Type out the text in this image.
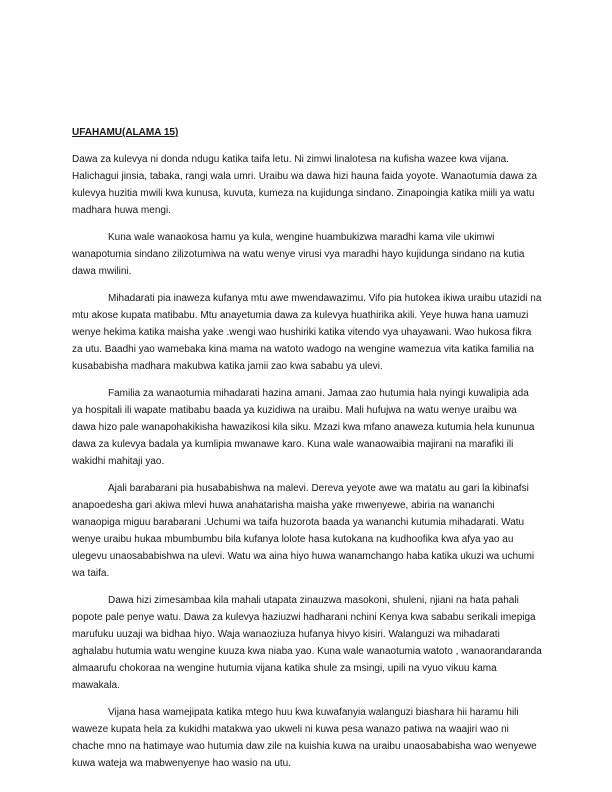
UFAHAMU(ALAMA 15)

Dawa za kulevya ni donda ndugu katika taifa letu. Ni zimwi linalotesa na kufisha wazee kwa vijana. Halichagui jinsia, tabaka, rangi wala umri. Uraibu wa dawa hizi hauna faida yoyote. Wanaotumia dawa za kulevya huzitia mwili kwa kunusa, kuvuta, kumeza na kujidunga sindano. Zinapoingia katika miili ya watu madhara huwa mengi.

Kuna wale wanaokosa hamu ya kula, wengine huambukizwa maradhi kama vile ukimwi wanapotumia sindano zilizotumiwa na watu wenye virusi vya maradhi hayo kujidunga sindano na kutia dawa mwilini.

Mihadarati pia inaweza kufanya mtu awe mwendawazimu. Vifo pia hutokea ikiwa uraibu utazidi na mtu akose kupata matibabu. Mtu anayetumia dawa za kulevya huathirika akili. Yeye huwa hana uamuzi wenye hekima katika maisha yake .wengi wao hushiriki katika vitendo vya uhayawani. Wao hukosa fikra za utu. Baadhi yao wamebaka kina mama na watoto wadogo na wengine wamezua vita katika familia na kusababisha madhara makubwa katika jamii zao kwa sababu ya ulevi.

Familia za wanaotumia mihadarati hazina amani. Jamaa zao hutumia hala nyingi kuwalipia ada ya hospitali ili wapate matibabu baada ya kuzidiwa na uraibu. Mali hufujwa na watu wenye uraibu wa dawa hizo pale wanapohakikisha hawazikosi kila siku. Mzazi kwa mfano anaweza kutumia hela kununua dawa za kulevya badala ya kumlipia mwanawe karo. Kuna wale wanaowaibia majirani na marafiki ili wakidhi mahitaji yao.

Ajali barabarani pia husababishwa na malevi. Dereva yeyote awe wa matatu au gari la kibinafsi anapoedesha gari akiwa mlevi huwa anahatarisha maisha yake mwenyewe, abiria na wananchi wanaopiga miguu barabarani .Uchumi wa taifa huzorota baada ya wananchi kutumia mihadarati. Watu wenye uraibu hukaa mbumbumbu bila kufanya lolote hasa kutokana na kudhoofika kwa afya yao au ulegevu unaosababishwa na ulevi. Watu wa aina hiyo huwa wanamchango haba katika ukuzi wa uchumi wa taifa.

Dawa hizi zimesambaa kila mahali utapata zinauzwa masokoni, shuleni, njiani na hata pahali popote pale penye watu. Dawa za kulevya haziuzwi hadharani nchini Kenya kwa sababu serikali imepiga marufuku uuzaji wa bidhaa hiyo. Waja wanaoziuza hufanya hivyo kisiri. Walanguzi wa mihadarati aghalabu hutumia watu wengine kuuza kwa niaba yao. Kuna wale wanaotumia watoto , wanaorandaranda almaarufu chokoraa na wengine hutumia vijana katika shule za msingi, upili na vyuo vikuu kama mawakala.

Vijana hasa wamejipata katika mtego huu kwa kuwafanyia walanguzi biashara hii haramu hili waweze kupata hela za kukidhi matakwa yao ukweli ni kuwa pesa wanazo patiwa na waajiri wao ni chache mno na hatimaye wao hutumia daw zile na kuishia kuwa na uraibu unaosababisha wao wenyewe kuwa wateja wa mabwenyenye hao wasio na utu.
